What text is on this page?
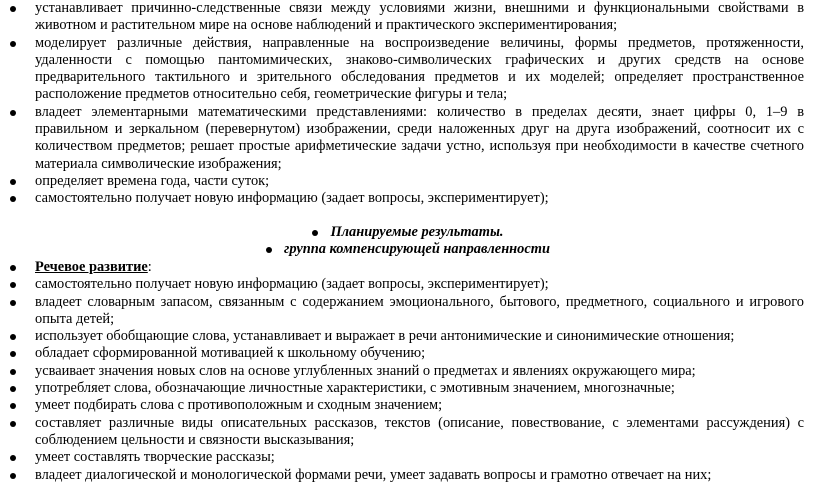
устанавливает причинно-следственные связи между условиями жизни, внешними и функциональными свойствами в животном и растительном мире на основе наблюдений и практического экспериментирования;
моделирует различные действия, направленные на воспроизведение величины, формы предметов, протяженности, удаленности с помощью пантомимических, знаково-символических графических и других средств на основе предварительного тактильного и зрительного обследования предметов и их моделей; определяет пространственное расположение предметов относительно себя, геометрические фигуры и тела;
владеет элементарными математическими представлениями: количество в пределах десяти, знает цифры 0, 1–9 в правильном и зеркальном (перевернутом) изображении, среди наложенных друг на друга изображений, соотносит их с количеством предметов; решает простые арифметические задачи устно, используя при необходимости в качестве счетного материала символические изображения;
определяет времена года, части суток;
самостоятельно получает новую информацию (задает вопросы, экспериментирует);
Планируемые результаты.
группа компенсирующей направленности
Речевое развитие:
самостоятельно получает новую информацию (задает вопросы, экспериментирует);
владеет словарным запасом, связанным с содержанием эмоционального, бытового, предметного, социального и игрового опыта детей;
использует обобщающие слова, устанавливает и выражает в речи антонимические и синонимические отношения;
обладает сформированной мотивацией к школьному обучению;
усваивает значения новых слов на основе углубленных знаний о предметах и явлениях окружающего мира;
употребляет слова, обозначающие личностные характеристики, с эмотивным значением, многозначные;
умеет подбирать слова с противоположным и сходным значением;
составляет различные виды описательных рассказов, текстов (описание, повествование, с элементами рассуждения) с соблюдением цельности и связности высказывания;
умеет составлять творческие рассказы;
владеет диалогической и монологической формами речи, умеет задавать вопросы и грамотно отвечает на них;
